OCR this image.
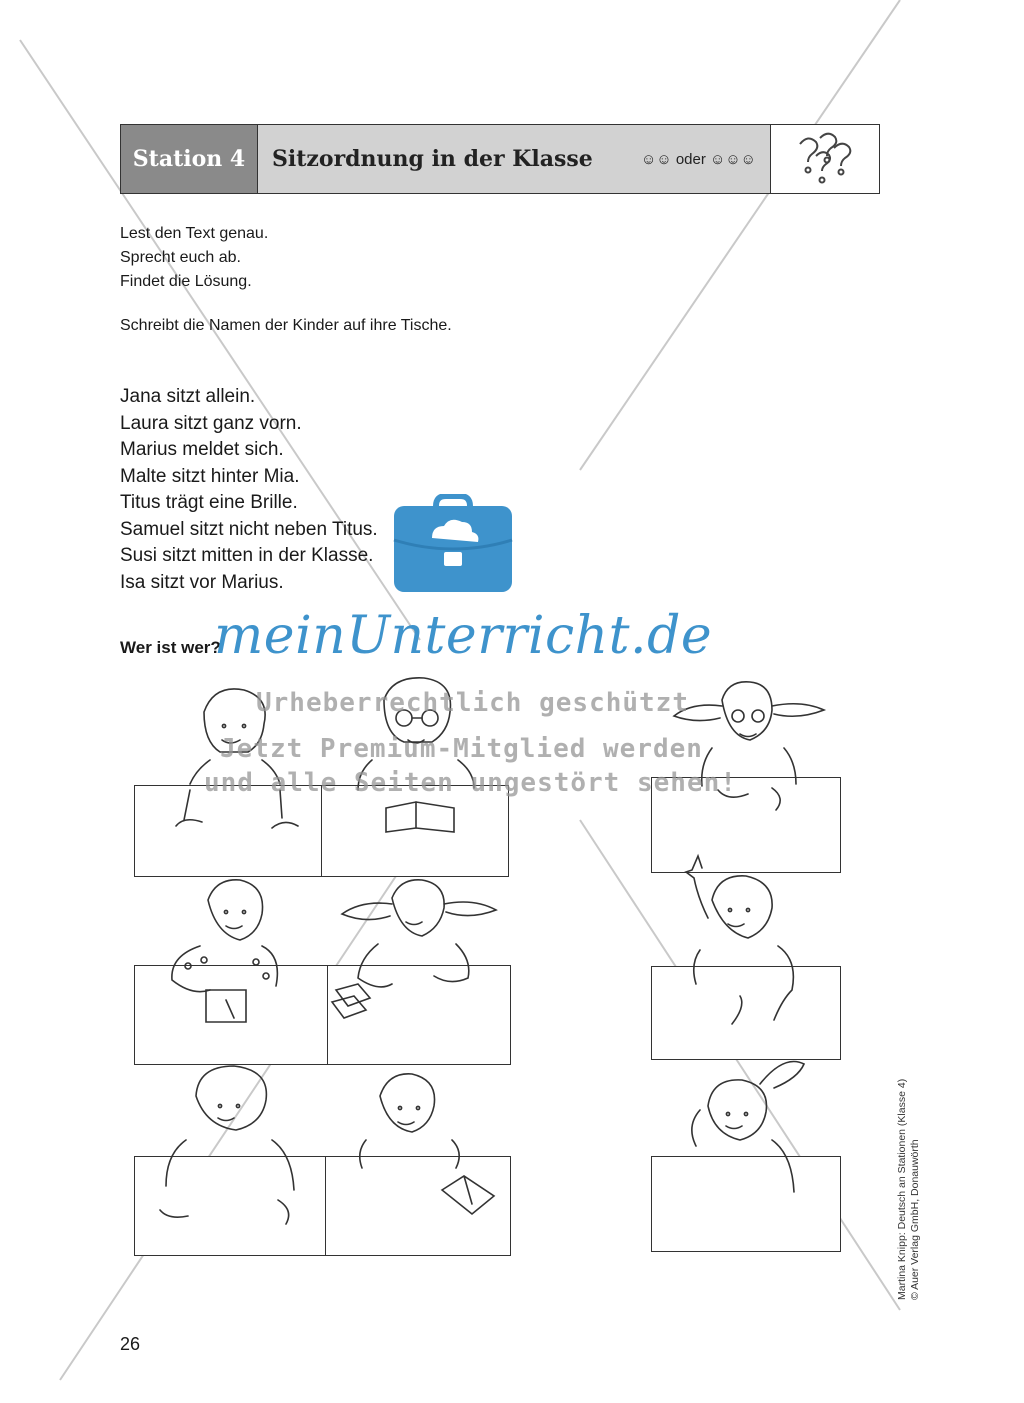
Station 4	Sitzordnung in der Klasse	☺☺ oder ☺☺☺
Lest den Text genau.
Sprecht euch ab.
Findet die Lösung.
Schreibt die Namen der Kinder auf ihre Tische.
Jana sitzt allein.
Laura sitzt ganz vorn.
Marius meldet sich.
Malte sitzt hinter Mia.
Titus trägt eine Brille.
Samuel sitzt nicht neben Titus.
Susi sitzt mitten in der Klasse.
Isa sitzt vor Marius.
Wer ist wer?
meinUnterricht.de
Urheberrechtlich geschützt
Jetzt Premium-Mitglied werden
und alle Seiten ungestört sehen!
Martina Knipp: Deutsch an Stationen (Klasse 4) © Auer Verlag GmbH, Donauwörth
26
